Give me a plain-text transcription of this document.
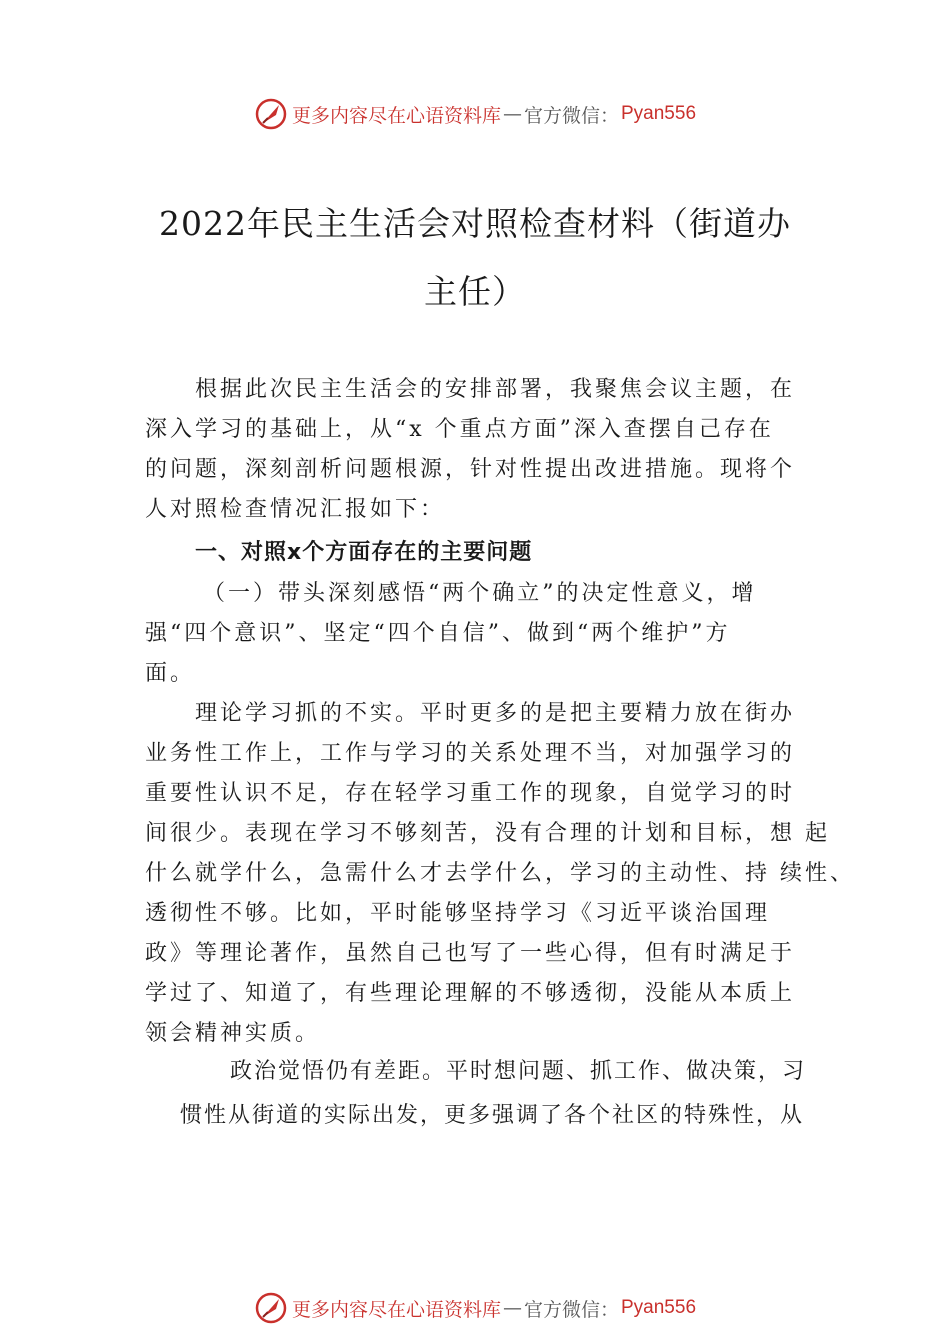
更多内容尽在心语资料库 — 官方微信： Pyan556
2022年民主生活会对照检查材料（街道办
主任）
根据此次民主生活会的安排部署，我聚焦会议主题，在
深入学习的基础上，从“x 个重点方面”深入查摆自己存在
的问题，深刻剖析问题根源，针对性提出改进措施。现将个
人对照检查情况汇报如下：
一、对照x个方面存在的主要问题
（一）带头深刻感悟“两个确立”的决定性意义，增
强“四个意识”、坚定“四个自信”、做到“两个维护”方
面。
理论学习抓的不实。平时更多的是把主要精力放在街办
业务性工作上，工作与学习的关系处理不当，对加强学习的
重要性认识不足，存在轻学习重工作的现象，自觉学习的时
间很少。表现在学习不够刻苦，没有合理的计划和目标，想 起
什么就学什么，急需什么才去学什么，学习的主动性、持 续性、
透彻性不够。比如，平时能够坚持学习《习近平谈治国理
政》等理论著作，虽然自己也写了一些心得，但有时满足于
学过了、知道了，有些理论理解的不够透彻，没能从本质上
领会精神实质。
政治觉悟仍有差距。平时想问题、抓工作、做决策，习
惯性从街道的实际出发，更多强调了各个社区的特殊性，从
更多内容尽在心语资料库 — 官方微信： Pyan556
